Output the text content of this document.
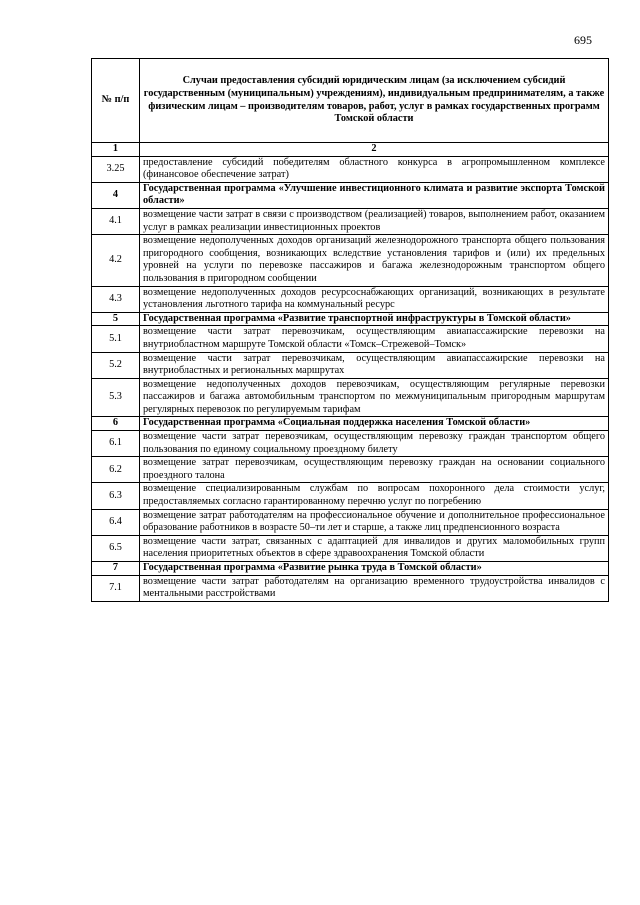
695
№ п/п	Случаи предоставления субсидий юридическим лицам (за исключением субсидий государственным (муниципальным) учреждениям), индивидуальным предпринимателям, а также физическим лицам – производителям товаров, работ, услуг в рамках государственных программ Томской области
1	2
3.25	предоставление субсидий победителям областного конкурса в агропромышленном комплексе (финансовое обеспечение затрат)
4	Государственная программа «Улучшение инвестиционного климата и развитие экспорта Томской области»
4.1	возмещение части затрат в связи с производством (реализацией) товаров, выполнением работ, оказанием услуг в рамках реализации инвестиционных проектов
4.2	возмещение недополученных доходов организаций железнодорожного транспорта общего пользования пригородного сообщения, возникающих вследствие установления тарифов и (или) их предельных уровней на услуги по перевозке пассажиров и багажа железнодорожным транспортом общего пользования в пригородном сообщении
4.3	возмещение недополученных доходов ресурсоснабжающих организаций, возникающих в результате установления льготного тарифа на коммунальный ресурс
5	Государственная программа «Развитие транспортной инфраструктуры в Томской области»
5.1	возмещение части затрат перевозчикам, осуществляющим авиапассажирские перевозки на внутриобластном маршруте Томской области «Томск–Стрежевой–Томск»
5.2	возмещение части затрат перевозчикам, осуществляющим авиапассажирские перевозки на внутриобластных и региональных маршрутах
5.3	возмещение недополученных доходов перевозчикам, осуществляющим регулярные перевозки пассажиров и багажа автомобильным транспортом по межмуниципальным пригородным маршрутам регулярных перевозок по регулируемым тарифам
6	Государственная программа «Социальная поддержка населения Томской области»
6.1	возмещение части затрат перевозчикам, осуществляющим перевозку граждан транспортом общего пользования по единому социальному проездному билету
6.2	возмещение затрат перевозчикам, осуществляющим перевозку граждан на основании социального проездного талона
6.3	возмещение специализированным службам по вопросам похоронного дела стоимости услуг, предоставляемых согласно гарантированному перечню услуг по погребению
6.4	возмещение затрат работодателям на профессиональное обучение и дополнительное профессиональное образование работников в возрасте 50–ти лет и старше, а также лиц предпенсионного возраста
6.5	возмещение части затрат, связанных с адаптацией для инвалидов и других маломобильных групп населения приоритетных объектов в сфере здравоохранения Томской области
7	Государственная программа «Развитие рынка труда в Томской области»
7.1	возмещение части затрат работодателям на организацию временного трудоустройства инвалидов с ментальными расстройствами
